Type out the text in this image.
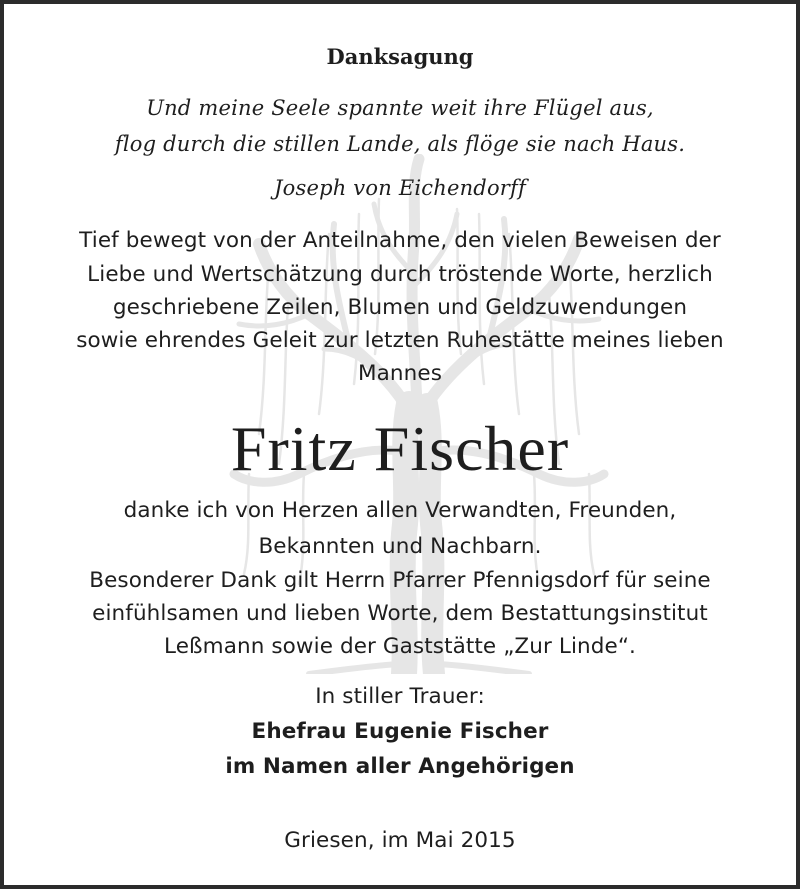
Danksagung
Und meine Seele spannte weit ihre Flügel aus,
flog durch die stillen Lande, als flöge sie nach Haus.
Joseph von Eichendorff
Tief bewegt von der Anteilnahme, den vielen Beweisen der
Liebe und Wertschätzung durch tröstende Worte, herzlich
geschriebene Zeilen, Blumen und Geldzuwendungen
sowie ehrendes Geleit zur letzten Ruhestätte meines lieben
Mannes
Fritz Fischer
danke ich von Herzen allen Verwandten, Freunden,
Bekannten und Nachbarn.
Besonderer Dank gilt Herrn Pfarrer Pfennigsdorf für seine
einfühlsamen und lieben Worte, dem Bestattungsinstitut
Leßmann sowie der Gaststätte „Zur Linde“.
In stiller Trauer:
Ehefrau Eugenie Fischer
im Namen aller Angehörigen
Griesen, im Mai 2015
